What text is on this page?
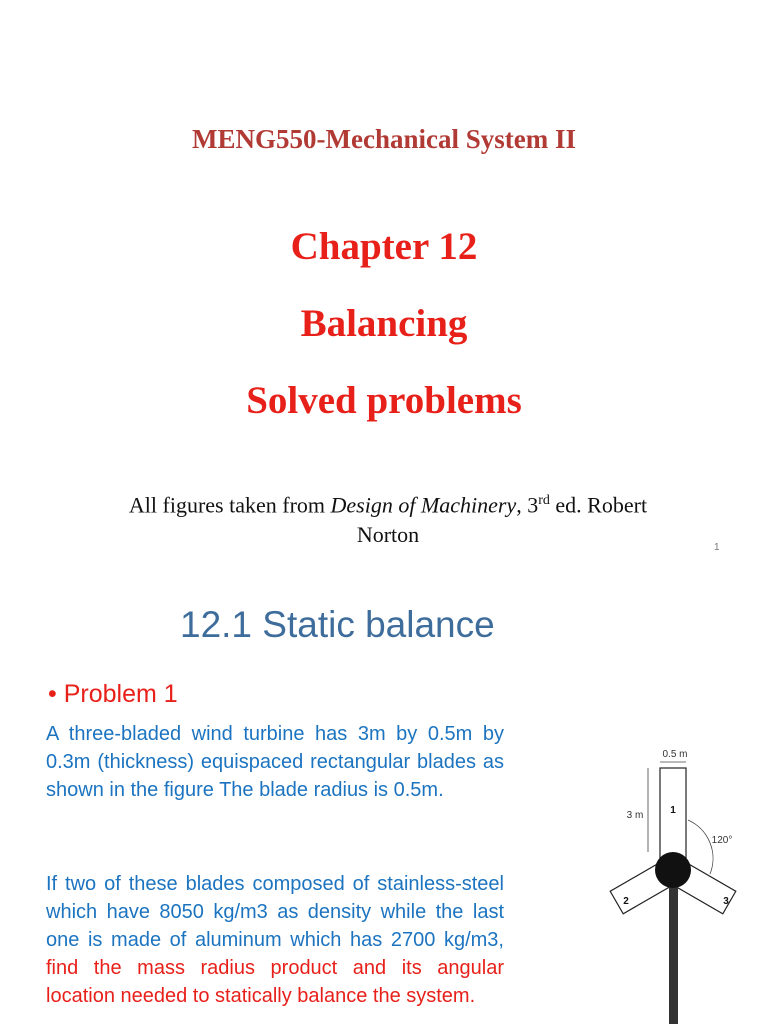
MENG550-Mechanical System II
Chapter 12
Balancing
Solved problems
All figures taken from Design of Machinery, 3rd ed. Robert
Norton
1
12.1 Static balance
• Problem 1
A three-bladed wind turbine has 3m by 0.5m by 0.3m (thickness) equispaced rectangular blades as shown in the figure The blade radius is 0.5m.
If two of these blades composed of stainless-steel which have 8050 kg/m3 as density while the last one is made of aluminum which has 2700 kg/m3, find the mass radius product and its angular location needed to statically balance the system.
0.5 m
3 m	1
120°
2	3
